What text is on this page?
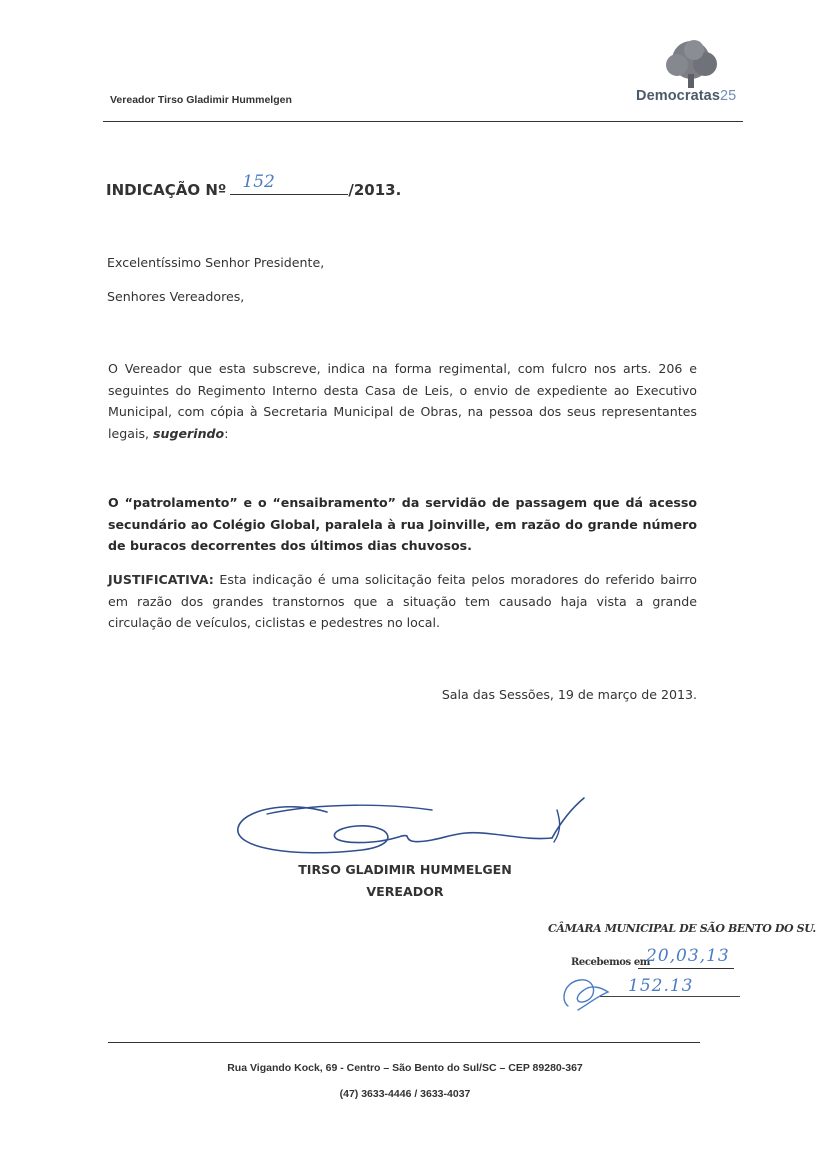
Vereador Tirso Gladimir Hummelgen	Democratas25
INDICAÇÃO Nº 152	/2013.
Excelentíssimo Senhor Presidente,
Senhores Vereadores,
O Vereador que esta subscreve, indica na forma regimental, com fulcro nos arts. 206 e seguintes do Regimento Interno desta Casa de Leis, o envio de expediente ao Executivo Municipal, com cópia à Secretaria Municipal de Obras, na pessoa dos seus representantes legais, sugerindo:
O “patrolamento” e o “ensaibramento” da servidão de passagem que dá acesso secundário ao Colégio Global, paralela à rua Joinville, em razão do grande número de buracos decorrentes dos últimos dias chuvosos.
JUSTIFICATIVA: Esta indicação é uma solicitação feita pelos moradores do referido bairro em razão dos grandes transtornos que a situação tem causado haja vista a grande circulação de veículos, ciclistas e pedestres no local.
Sala das Sessões, 19 de março de 2013.
TIRSO GLADIMIR HUMMELGEN
VEREADOR
CÂMARA MUNICIPAL DE SÃO BENTO DO SU.
Recebemos em
20,03,13
152.13
Rua Vigando Kock, 69 - Centro – São Bento do Sul/SC – CEP 89280-367
(47) 3633-4446 / 3633-4037
